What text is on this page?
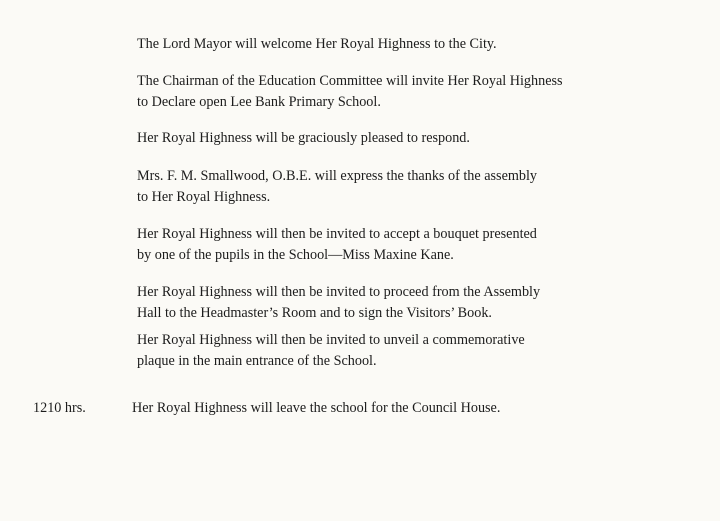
The Lord Mayor will welcome Her Royal Highness to the City.

The Chairman of the Education Committee will invite Her Royal Highness
to Declare open Lee Bank Primary School.

Her Royal Highness will be graciously pleased to respond.

Mrs. F. M. Smallwood, O.B.E. will express the thanks of the assembly
to Her Royal Highness.

Her Royal Highness will then be invited to accept a bouquet presented
by one of the pupils in the School—Miss Maxine Kane.

Her Royal Highness will then be invited to proceed from the Assembly
Hall to the Headmaster’s Room and to sign the Visitors’ Book.

Her Royal Highness will then be invited to unveil a commemorative
plaque in the main entrance of the School.

1210 hrs.	Her Royal Highness will leave the school for the Council House.
